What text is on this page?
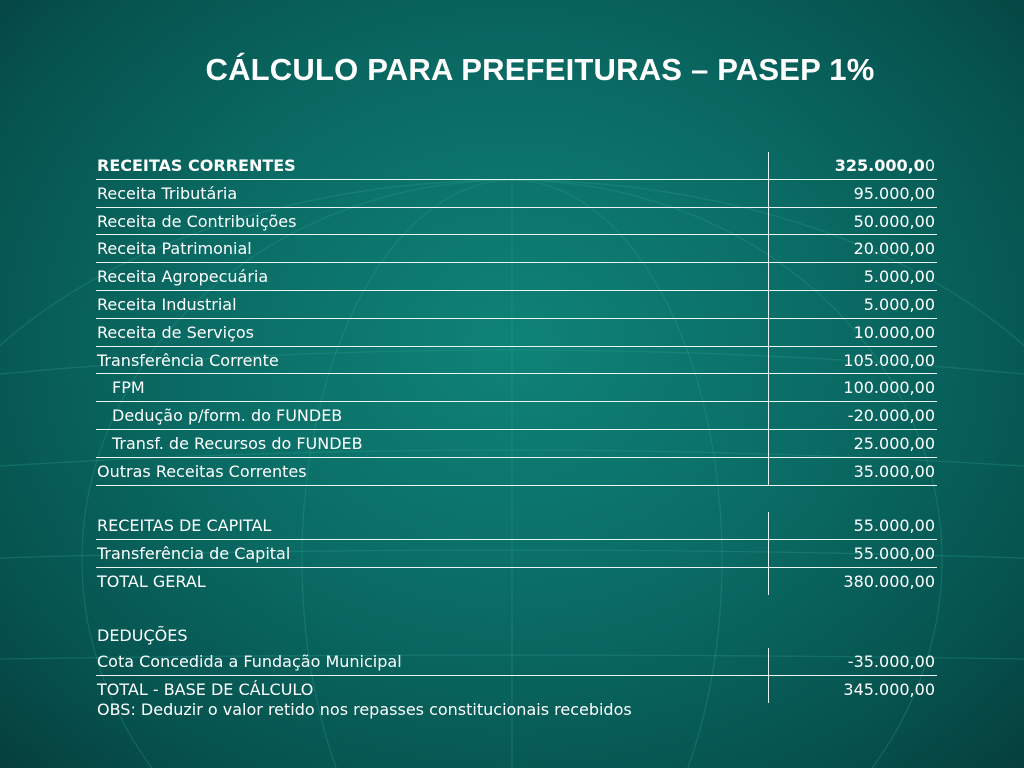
CÁLCULO PARA PREFEITURAS – PASEP 1%
RECEITAS CORRENTES	325.000,00
Receita Tributária	95.000,00
Receita de Contribuições	50.000,00
Receita Patrimonial	20.000,00
Receita Agropecuária	5.000,00
Receita Industrial	5.000,00
Receita de Serviços	10.000,00
Transferência Corrente	105.000,00
FPM	100.000,00
Dedução p/form. do FUNDEB	-20.000,00
Transf. de Recursos do FUNDEB	25.000,00
Outras Receitas Correntes	35.000,00
RECEITAS DE CAPITAL	55.000,00
Transferência de Capital	55.000,00
TOTAL GERAL	380.000,00
DEDUÇÕES
Cota Concedida a Fundação Municipal	-35.000,00
TOTAL - BASE DE CÁLCULO	345.000,00
OBS: Deduzir o valor retido nos repasses constitucionais recebidos
